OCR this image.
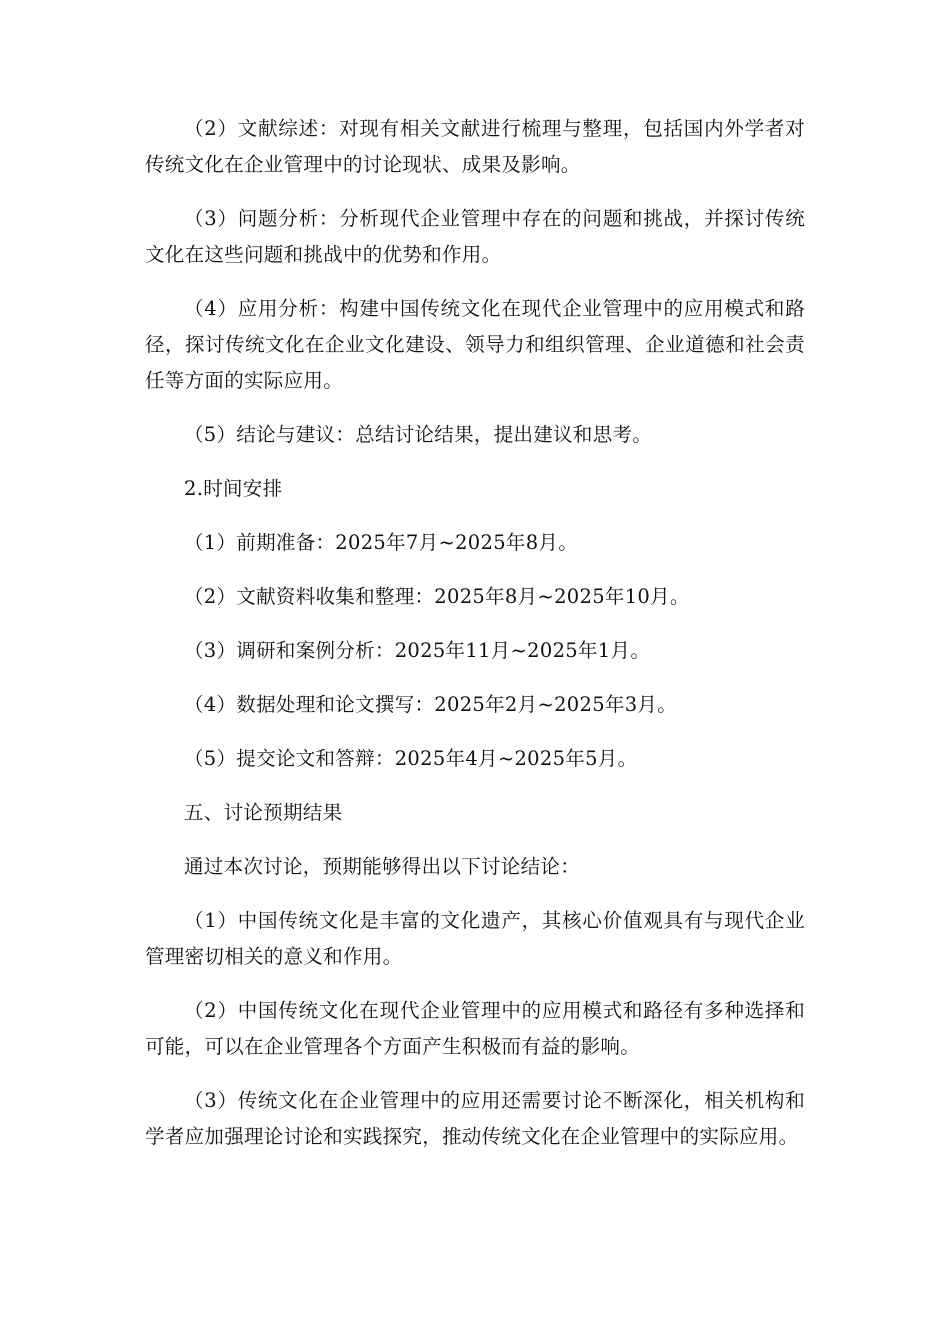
（2）文献综述：对现有相关文献进行梳理与整理，包括国内外学者对传统文化在企业管理中的讨论现状、成果及影响。

（3）问题分析：分析现代企业管理中存在的问题和挑战，并探讨传统文化在这些问题和挑战中的优势和作用。

（4）应用分析：构建中国传统文化在现代企业管理中的应用模式和路径，探讨传统文化在企业文化建设、领导力和组织管理、企业道德和社会责任等方面的实际应用。

（5）结论与建议：总结讨论结果，提出建议和思考。

2.时间安排

（1）前期准备：2025年7月~2025年8月。

（2）文献资料收集和整理：2025年8月~2025年10月。

（3）调研和案例分析：2025年11月~2025年1月。

（4）数据处理和论文撰写：2025年2月~2025年3月。

（5）提交论文和答辩：2025年4月~2025年5月。

五、讨论预期结果

通过本次讨论，预期能够得出以下讨论结论：

（1）中国传统文化是丰富的文化遗产，其核心价值观具有与现代企业管理密切相关的意义和作用。

（2）中国传统文化在现代企业管理中的应用模式和路径有多种选择和可能，可以在企业管理各个方面产生积极而有益的影响。

（3）传统文化在企业管理中的应用还需要讨论不断深化，相关机构和学者应加强理论讨论和实践探究，推动传统文化在企业管理中的实际应用。
